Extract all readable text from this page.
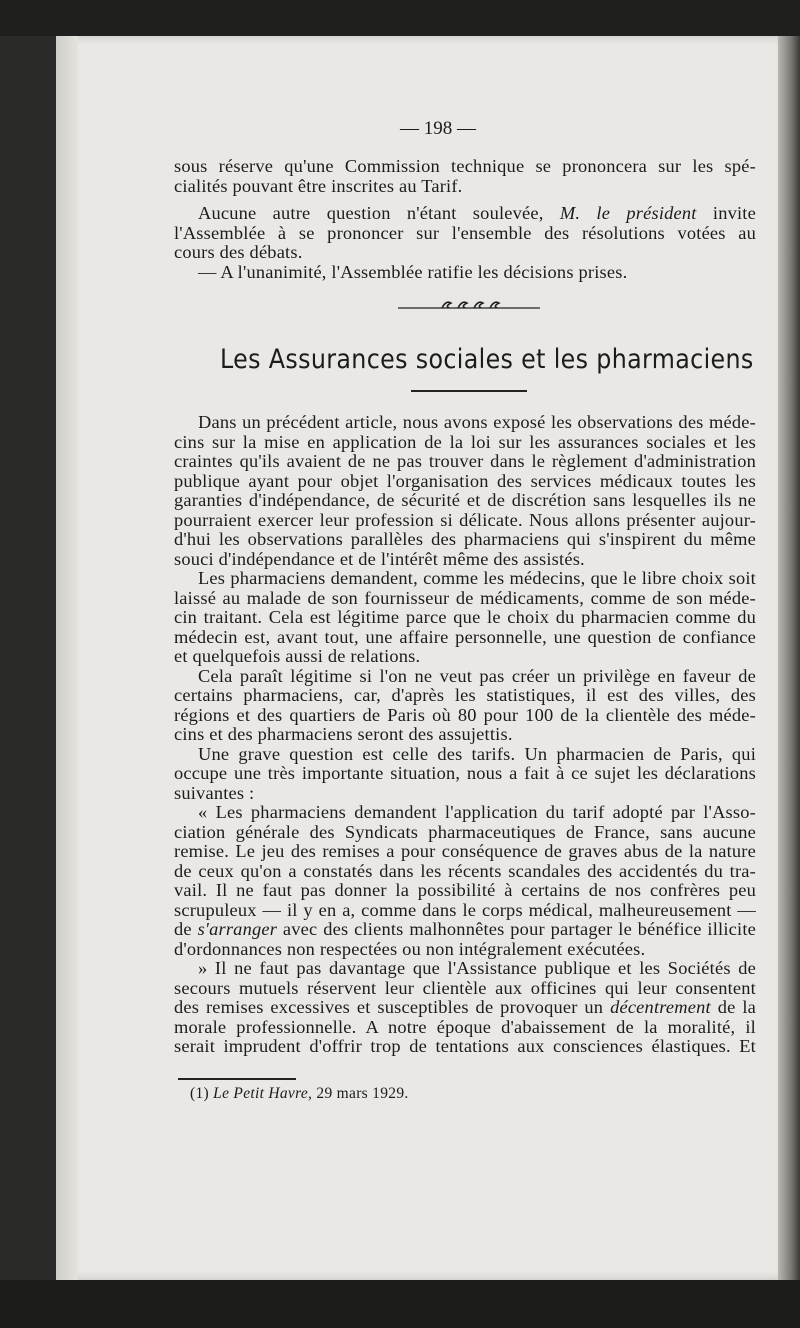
— 198 —
sous réserve qu'une Commission technique se prononcera sur les spé-
cialités pouvant être inscrites au Tarif.
Aucune autre question n'étant soulevée, M. le président invite
l'Assemblée à se prononcer sur l'ensemble des résolutions votées au
cours des débats.
— A l'unanimité, l'Assemblée ratifie les décisions prises.
Les Assurances sociales et les pharmaciens
Dans un précédent article, nous avons exposé les observations des méde-
cins sur la mise en application de la loi sur les assurances sociales et les
craintes qu'ils avaient de ne pas trouver dans le règlement d'administration
publique ayant pour objet l'organisation des services médicaux toutes les
garanties d'indépendance, de sécurité et de discrétion sans lesquelles ils ne
pourraient exercer leur profession si délicate. Nous allons présenter aujour-
d'hui les observations parallèles des pharmaciens qui s'inspirent du même
souci d'indépendance et de l'intérêt même des assistés.
Les pharmaciens demandent, comme les médecins, que le libre choix soit
laissé au malade de son fournisseur de médicaments, comme de son méde-
cin traitant. Cela est légitime parce que le choix du pharmacien comme du
médecin est, avant tout, une affaire personnelle, une question de confiance
et quelquefois aussi de relations.
Cela paraît légitime si l'on ne veut pas créer un privilège en faveur de
certains pharmaciens, car, d'après les statistiques, il est des villes, des
régions et des quartiers de Paris où 80 pour 100 de la clientèle des méde-
cins et des pharmaciens seront des assujettis.
Une grave question est celle des tarifs. Un pharmacien de Paris, qui
occupe une très importante situation, nous a fait à ce sujet les déclarations
suivantes :
« Les pharmaciens demandent l'application du tarif adopté par l'Asso-
ciation générale des Syndicats pharmaceutiques de France, sans aucune
remise. Le jeu des remises a pour conséquence de graves abus de la nature
de ceux qu'on a constatés dans les récents scandales des accidentés du tra-
vail. Il ne faut pas donner la possibilité à certains de nos confrères peu
scrupuleux — il y en a, comme dans le corps médical, malheureusement —
de s'arranger avec des clients malhonnêtes pour partager le bénéfice illicite
d'ordonnances non respectées ou non intégralement exécutées.
» Il ne faut pas davantage que l'Assistance publique et les Sociétés de
secours mutuels réservent leur clientèle aux officines qui leur consentent
des remises excessives et susceptibles de provoquer un décentrement de la
morale professionnelle. A notre époque d'abaissement de la moralité, il
serait imprudent d'offrir trop de tentations aux consciences élastiques. Et
(1) Le Petit Havre, 29 mars 1929.
